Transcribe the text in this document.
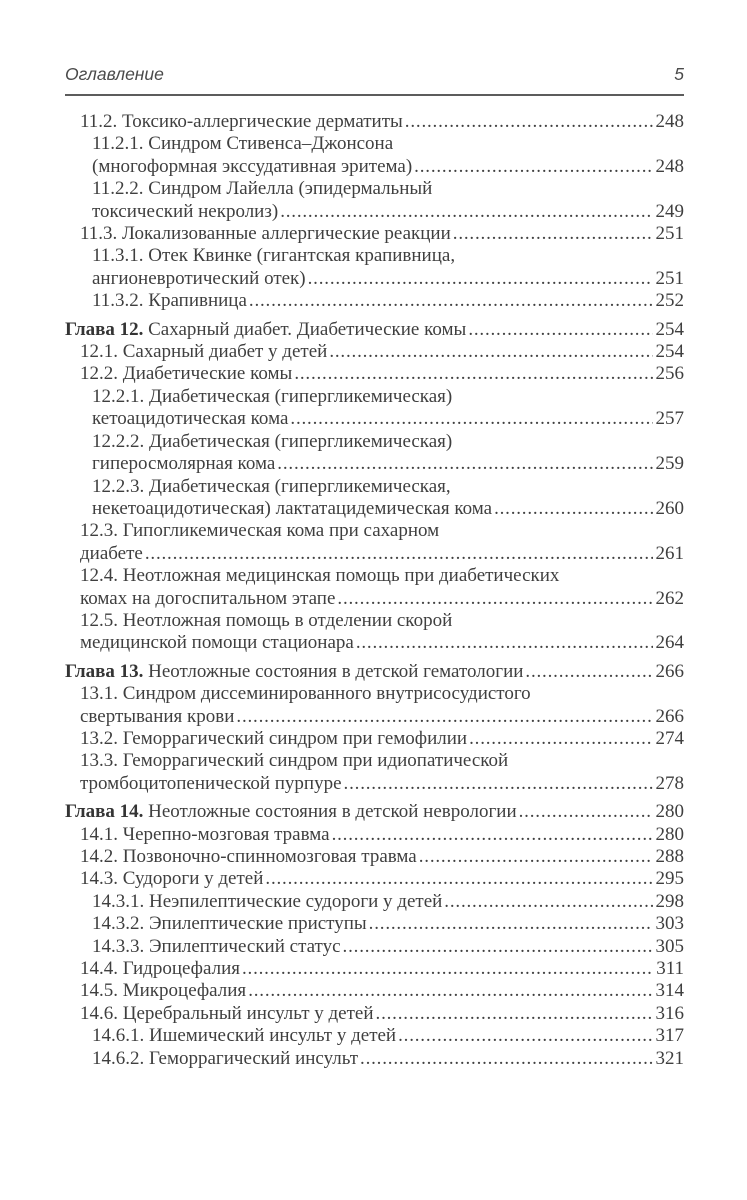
Оглавление	5
11.2. Токсико-аллергические дерматиты .....	248
11.2.1. Синдром Стивенса–Джонсона
(многоформная экссудативная эритема) .....	248
11.2.2. Синдром Лайелла (эпидермальный
токсический некролиз) .....	249
11.3. Локализованные аллергические реакции .....	251
11.3.1. Отек Квинке (гигантская крапивница,
ангионевротический отек) .....	251
11.3.2. Крапивница .....	252
Глава 12. Сахарный диабет. Диабетические комы .....	254
12.1. Сахарный диабет у детей .....	254
12.2. Диабетические комы .....	256
12.2.1. Диабетическая (гипергликемическая)
кетоацидотическая кома .....	257
12.2.2. Диабетическая (гипергликемическая)
гиперосмолярная кома .....	259
12.2.3. Диабетическая (гипергликемическая,
некетоацидотическая) лактатацидемическая кома .....	260
12.3. Гипогликемическая кома при сахарном
диабете .....	261
12.4. Неотложная медицинская помощь при диабетических
комах на догоспитальном этапе .....	262
12.5. Неотложная помощь в отделении скорой
медицинской помощи стационара .....	264
Глава 13. Неотложные состояния в детской гематологии .....	266
13.1. Синдром диссеминированного внутрисосудистого
свертывания крови .....	266
13.2. Геморрагический синдром при гемофилии .....	274
13.3. Геморрагический синдром при идиопатической
тромбоцитопенической пурпуре .....	278
Глава 14. Неотложные состояния в детской неврологии .....	280
14.1. Черепно-мозговая травма .....	280
14.2. Позвоночно-спинномозговая травма .....	288
14.3. Судороги у детей .....	295
14.3.1. Неэпилептические судороги у детей .....	298
14.3.2. Эпилептические приступы .....	303
14.3.3. Эпилептический статус .....	305
14.4. Гидроцефалия .....	311
14.5. Микроцефалия .....	314
14.6. Церебральный инсульт у детей .....	316
14.6.1. Ишемический инсульт у детей .....	317
14.6.2. Геморрагический инсульт .....	321
